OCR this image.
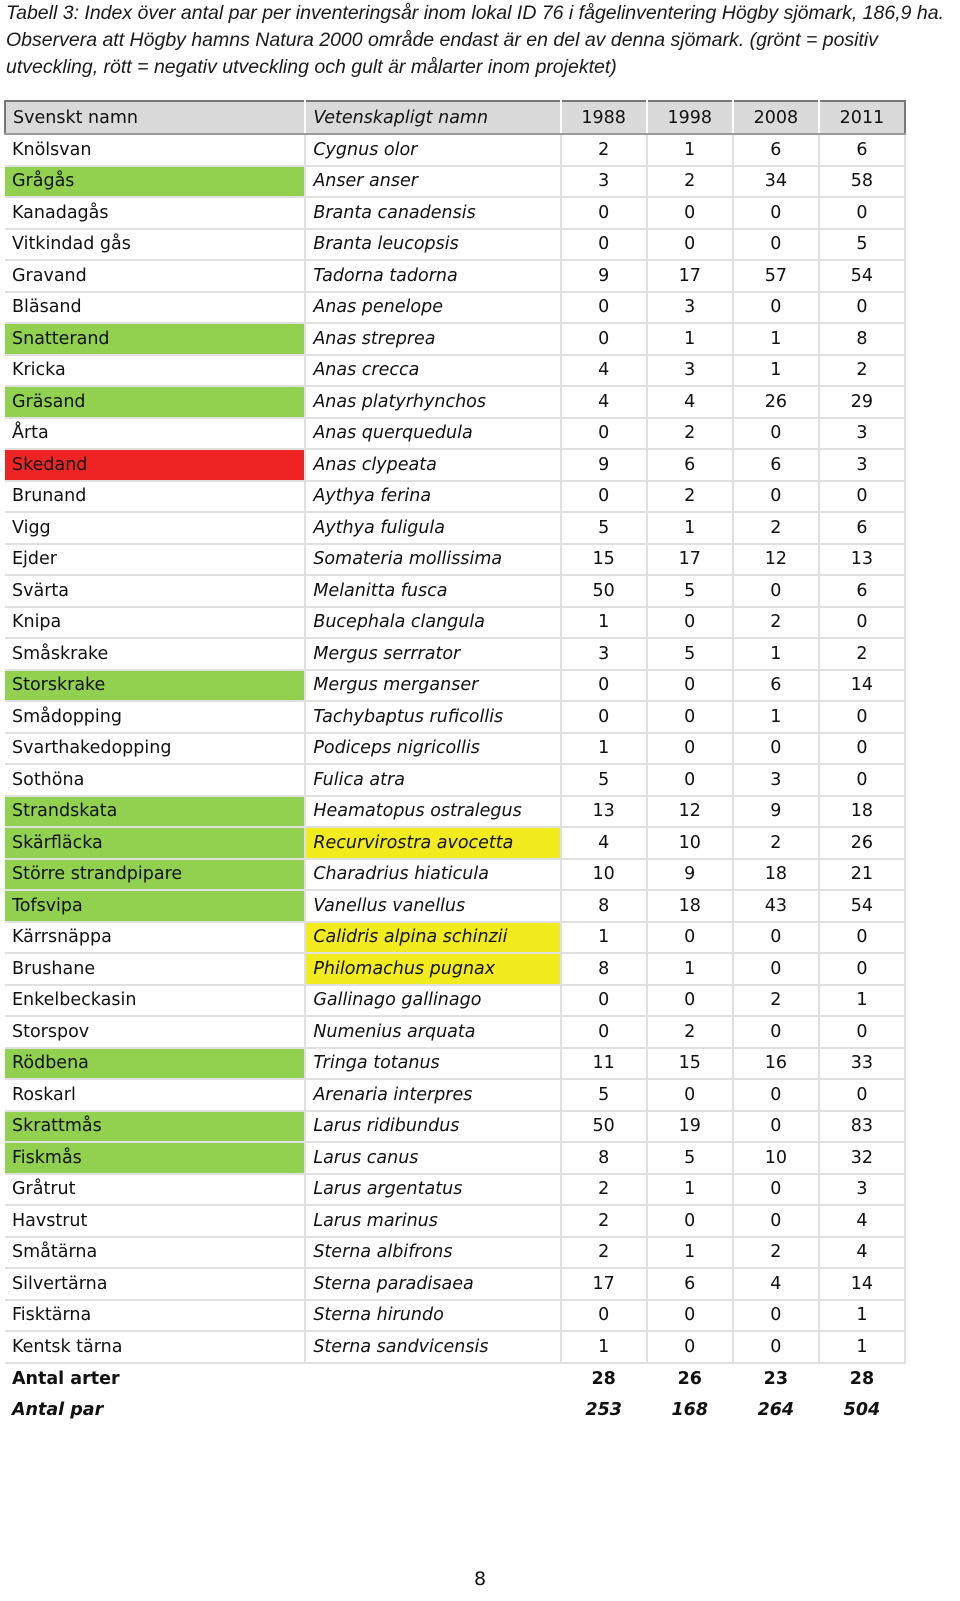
Tabell 3: Index över antal par per inventeringsår inom lokal ID 76 i fågelinventering Högby sjömark, 186,9 ha. Observera att Högby hamns Natura 2000 område endast är en del av denna sjömark. (grönt = positiv utveckling, rött = negativ utveckling och gult är målarter inom projektet)
Svenskt namn	Vetenskapligt namn	1988	1998	2008	2011
Knölsvan	Cygnus olor	2	1	6	6
Grågås	Anser anser	3	2	34	58
Kanadagås	Branta canadensis	0	0	0	0
Vitkindad gås	Branta leucopsis	0	0	0	5
Gravand	Tadorna tadorna	9	17	57	54
Bläsand	Anas penelope	0	3	0	0
Snatterand	Anas streprea	0	1	1	8
Kricka	Anas crecca	4	3	1	2
Gräsand	Anas platyrhynchos	4	4	26	29
Årta	Anas querquedula	0	2	0	3
Skedand	Anas clypeata	9	6	6	3
Brunand	Aythya ferina	0	2	0	0
Vigg	Aythya fuligula	5	1	2	6
Ejder	Somateria mollissima	15	17	12	13
Svärta	Melanitta fusca	50	5	0	6
Knipa	Bucephala clangula	1	0	2	0
Småskrake	Mergus serrrator	3	5	1	2
Storskrake	Mergus merganser	0	0	6	14
Smådopping	Tachybaptus ruficollis	0	0	1	0
Svarthakedopping	Podiceps nigricollis	1	0	0	0
Sothöna	Fulica atra	5	0	3	0
Strandskata	Heamatopus ostralegus	13	12	9	18
Skärfläcka	Recurvirostra avocetta	4	10	2	26
Större strandpipare	Charadrius hiaticula	10	9	18	21
Tofsvipa	Vanellus vanellus	8	18	43	54
Kärrsnäppa	Calidris alpina schinzii	1	0	0	0
Brushane	Philomachus pugnax	8	1	0	0
Enkelbeckasin	Gallinago gallinago	0	0	2	1
Storspov	Numenius arquata	0	2	0	0
Rödbena	Tringa totanus	11	15	16	33
Roskarl	Arenaria interpres	5	0	0	0
Skrattmås	Larus ridibundus	50	19	0	83
Fiskmås	Larus canus	8	5	10	32
Gråtrut	Larus argentatus	2	1	0	3
Havstrut	Larus marinus	2	0	0	4
Småtärna	Sterna albifrons	2	1	2	4
Silvertärna	Sterna paradisaea	17	6	4	14
Fisktärna	Sterna hirundo	0	0	0	1
Kentsk tärna	Sterna sandvicensis	1	0	0	1
Antal arter		28	26	23	28
Antal par		253	168	264	504
8
